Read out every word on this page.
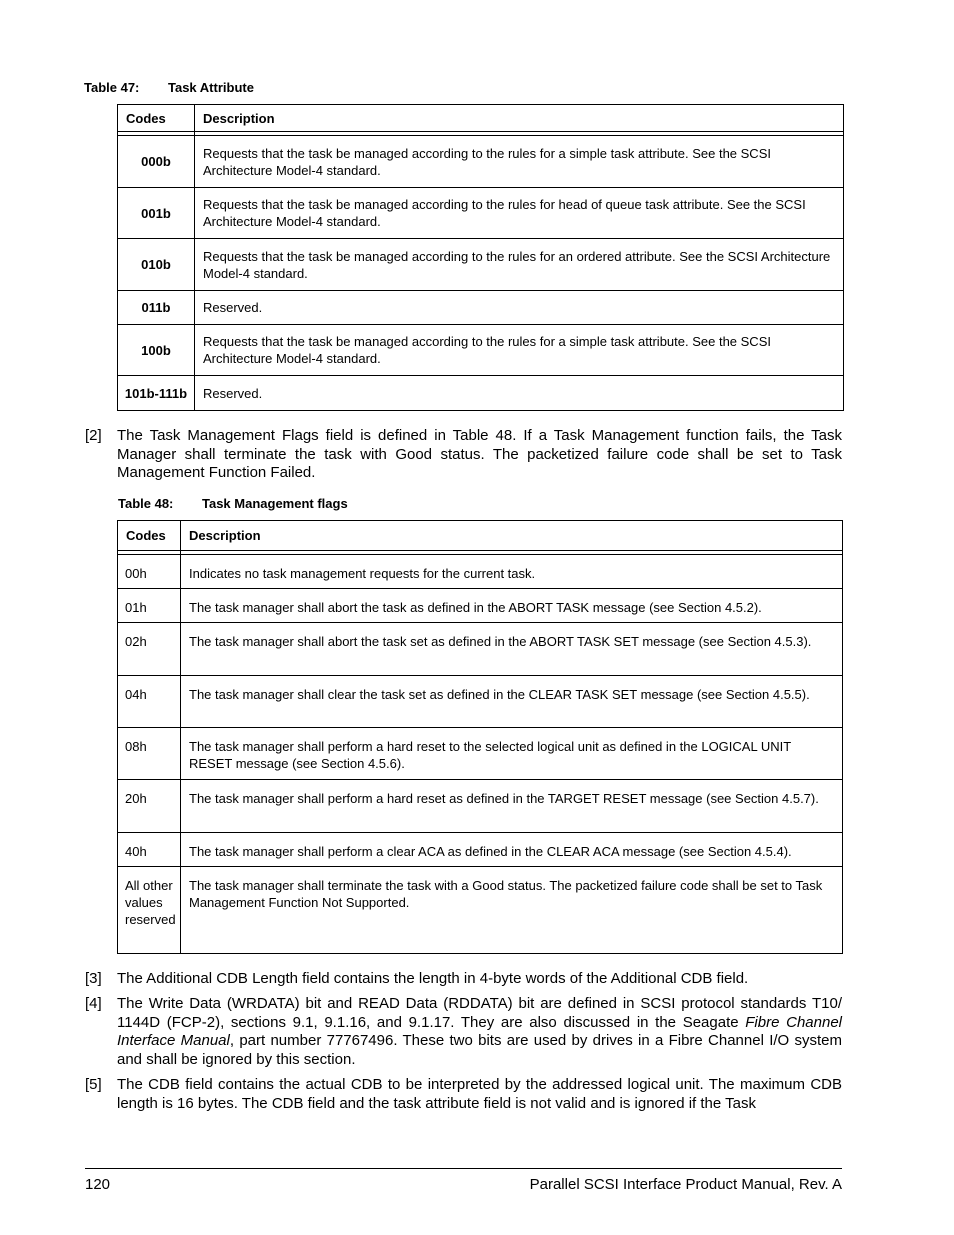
Table 47: Task Attribute
Codes	Description

000b	Requests that the task be managed according to the rules for a simple task attribute. See the SCSI Architecture Model-4 standard.
001b	Requests that the task be managed according to the rules for head of queue task attribute. See the SCSI Architecture Model-4 standard.
010b	Requests that the task be managed according to the rules for an ordered attribute. See the SCSI Architecture Model-4 standard.
011b	Reserved.
100b	Requests that the task be managed according to the rules for a simple task attribute. See the SCSI Architecture Model-4 standard.
101b-111b	Reserved.
[2] The Task Management Flags field is defined in Table 48. If a Task Management function fails, the Task Manager shall terminate the task with Good status. The packetized failure code shall be set to Task Management Function Failed.
Table 48: Task Management flags
Codes	Description

00h	Indicates no task management requests for the current task.
01h	The task manager shall abort the task as defined in the ABORT TASK message (see Section 4.5.2).
02h	The task manager shall abort the task set as defined in the ABORT TASK SET message (see Section 4.5.3).
04h	The task manager shall clear the task set as defined in the CLEAR TASK SET message (see Section 4.5.5).
08h	The task manager shall perform a hard reset to the selected logical unit as defined in the LOGICAL UNIT RESET message (see Section 4.5.6).
20h	The task manager shall perform a hard reset as defined in the TARGET RESET message (see Section 4.5.7).
40h	The task manager shall perform a clear ACA as defined in the CLEAR ACA message (see Section 4.5.4).
All other values reserved	The task manager shall terminate the task with a Good status. The packetized failure code shall be set to Task Management Function Not Supported.
[3] The Additional CDB Length field contains the length in 4-byte words of the Additional CDB field.
[4] The Write Data (WRDATA) bit and READ Data (RDDATA) bit are defined in SCSI protocol standards T10/ 1144D (FCP-2), sections 9.1, 9.1.16, and 9.1.17. They are also discussed in the Seagate Fibre Channel Interface Manual, part number 77767496. These two bits are used by drives in a Fibre Channel I/O system and shall be ignored by this section.
[5] The CDB field contains the actual CDB to be interpreted by the addressed logical unit. The maximum CDB length is 16 bytes. The CDB field and the task attribute field is not valid and is ignored if the Task
120	Parallel SCSI Interface Product Manual, Rev. A
